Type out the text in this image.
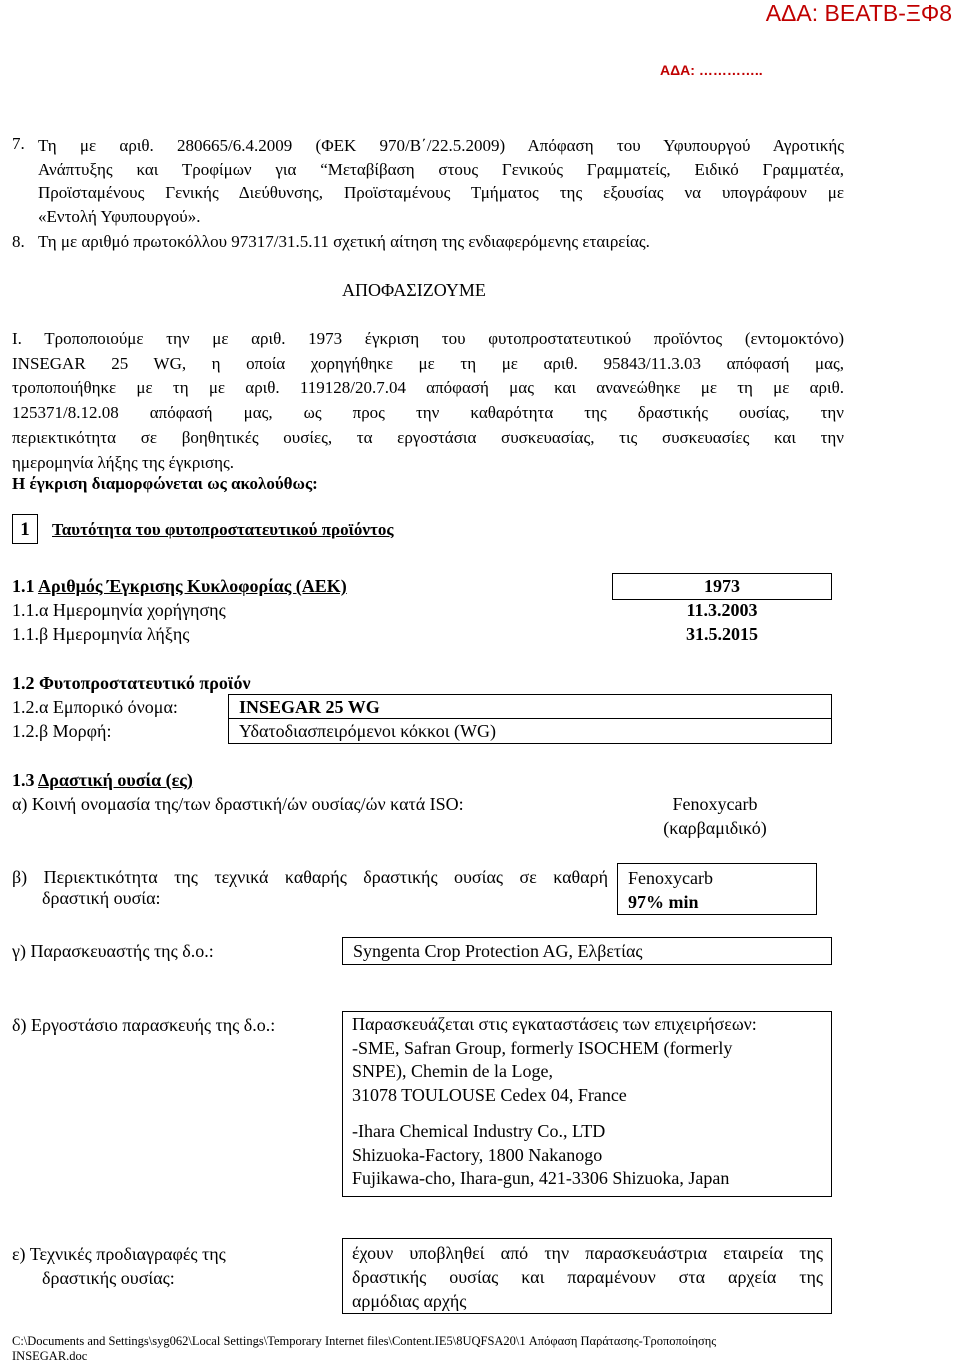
ΑΔΑ: ΒΕΑΤΒ-ΞΦ8
ΑΔΑ: …………..
7. Τη με αριθ. 280665/6.4.2009 (ΦΕΚ 970/Β΄/22.5.2009) Απόφαση του Υφυπουργού Αγροτικής
Ανάπτυξης και Τροφίμων για “Μεταβίβαση στους Γενικούς Γραμματείς, Ειδικό Γραμματέα,
Προϊσταμένους Γενικής Διεύθυνσης, Προϊσταμένους Τμήματος της εξουσίας να υπογράφουν με
«Εντολή Υφυπουργού».
8. Τη με αριθμό πρωτοκόλλου 97317/31.5.11 σχετική αίτηση της ενδιαφερόμενης εταιρείας.
ΑΠΟΦΑΣΙΖΟΥΜΕ
Ι. Τροποποιούμε την με αριθ. 1973 έγκριση του φυτοπροστατευτικού προϊόντος (εντομοκτόνο)
INSEGAR 25 WG, η οποία χορηγήθηκε με τη με αριθ. 95843/11.3.03 απόφασή μας,
τροποποιήθηκε με τη με αριθ. 119128/20.7.04 απόφασή μας και ανανεώθηκε με τη με αριθ.
125371/8.12.08 απόφασή μας, ως προς την καθαρότητα της δραστικής ουσίας, την
περιεκτικότητα σε βοηθητικές ουσίες, τα εργοστάσια συσκευασίας, τις συσκευασίες και την
ημερομηνία λήξης της έγκρισης.
Η έγκριση διαμορφώνεται ως ακολούθως:
1	Ταυτότητα του φυτοπροστατευτικού προϊόντος
1.1 Αριθμός Έγκρισης Κυκλοφορίας (ΑΕΚ)	1973
1.1.α Ημερομηνία χορήγησης	11.3.2003
1.1.β Ημερομηνία λήξης	31.5.2015
1.2 Φυτοπροστατευτικό προϊόν
1.2.α Εμπορικό όνομα:	INSEGAR 25 WG
1.2.β Μορφή:	Υδατοδιασπειρόμενοι κόκκοι (WG)
1.3 Δραστική ουσία (ες)
α) Κοινή ονομασία της/των δραστική/ών ουσίας/ών κατά ISO:	Fenoxycarb
(καρβαμιδικό)
β) Περιεκτικότητα της τεχνικά καθαρής δραστικής ουσίας σε καθαρή
δραστική ουσία:
Fenoxycarb
97% min
γ) Παρασκευαστής της δ.ο.:	Syngenta Crop Protection AG, Ελβετίας
δ) Εργοστάσιο παρασκευής της δ.ο.:	Παρασκευάζεται στις εγκαταστάσεις των επιχειρήσεων:
-SME, Safran Group, formerly ISOCHEM (formerly
SNPE), Chemin de la Loge,
31078 TOULOUSE Cedex 04, France
-Ihara Chemical Industry Co., LTD
Shizuoka-Factory, 1800 Nakanogo
Fujikawa-cho, Ihara-gun, 421-3306 Shizuoka, Japan
ε) Τεχνικές προδιαγραφές της
δραστικής ουσίας:
έχουν υποβληθεί από την παρασκευάστρια εταιρεία της
δραστικής ουσίας και παραμένουν στα αρχεία της
αρμόδιας αρχής
C:\Documents and Settings\syg062\Local Settings\Temporary Internet files\Content.IE5\8UQFSA20\1 Απόφαση Παράτασης-Τροποποίησης
INSEGAR.doc
